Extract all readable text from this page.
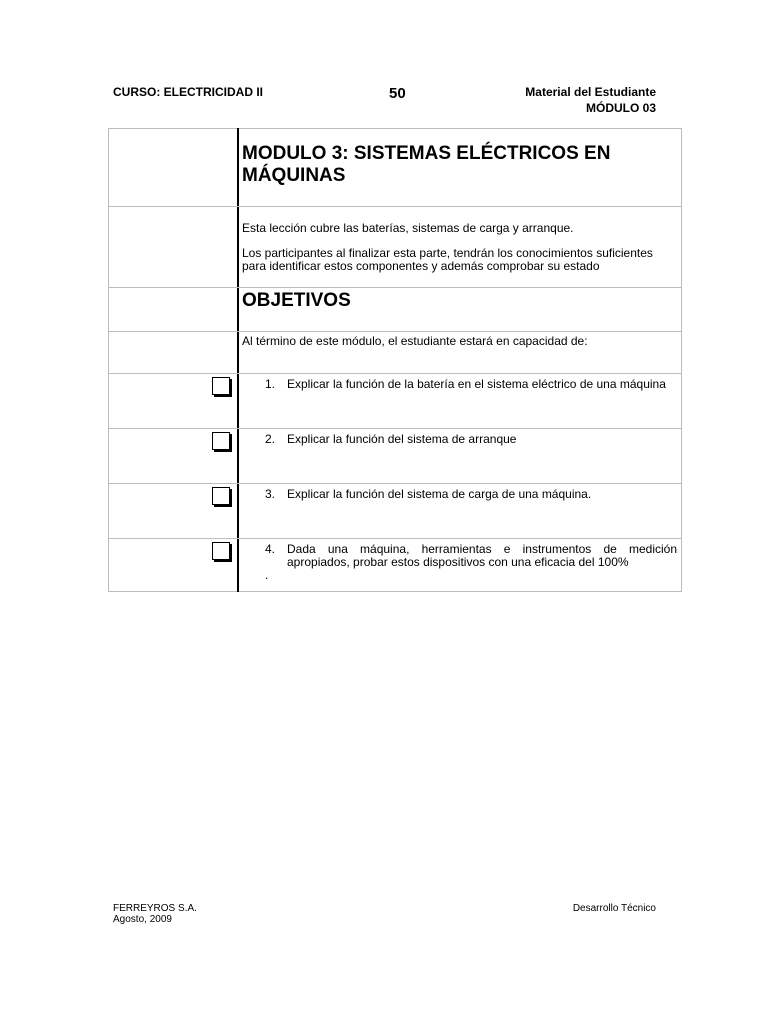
CURSO: ELECTRICIDAD II	50	Material del Estudiante
MÓDULO 03
MODULO 3: SISTEMAS ELÉCTRICOS EN
MÁQUINAS
Esta lección cubre las baterías, sistemas de carga y arranque.
Los participantes al finalizar esta parte, tendrán los conocimientos suficientes para identificar estos componentes y además comprobar su estado
OBJETIVOS
Al término de este módulo, el estudiante estará en capacidad de:
1. Explicar la función de la batería en el sistema eléctrico de una máquina
2. Explicar la función del sistema de arranque
3. Explicar la función del sistema de carga de una máquina.
4. Dada una máquina, herramientas e instrumentos de medición apropiados, probar estos dispositivos con una eficacia del 100%
.
FERREYROS S.A.
Agosto, 2009
Desarrollo Técnico
